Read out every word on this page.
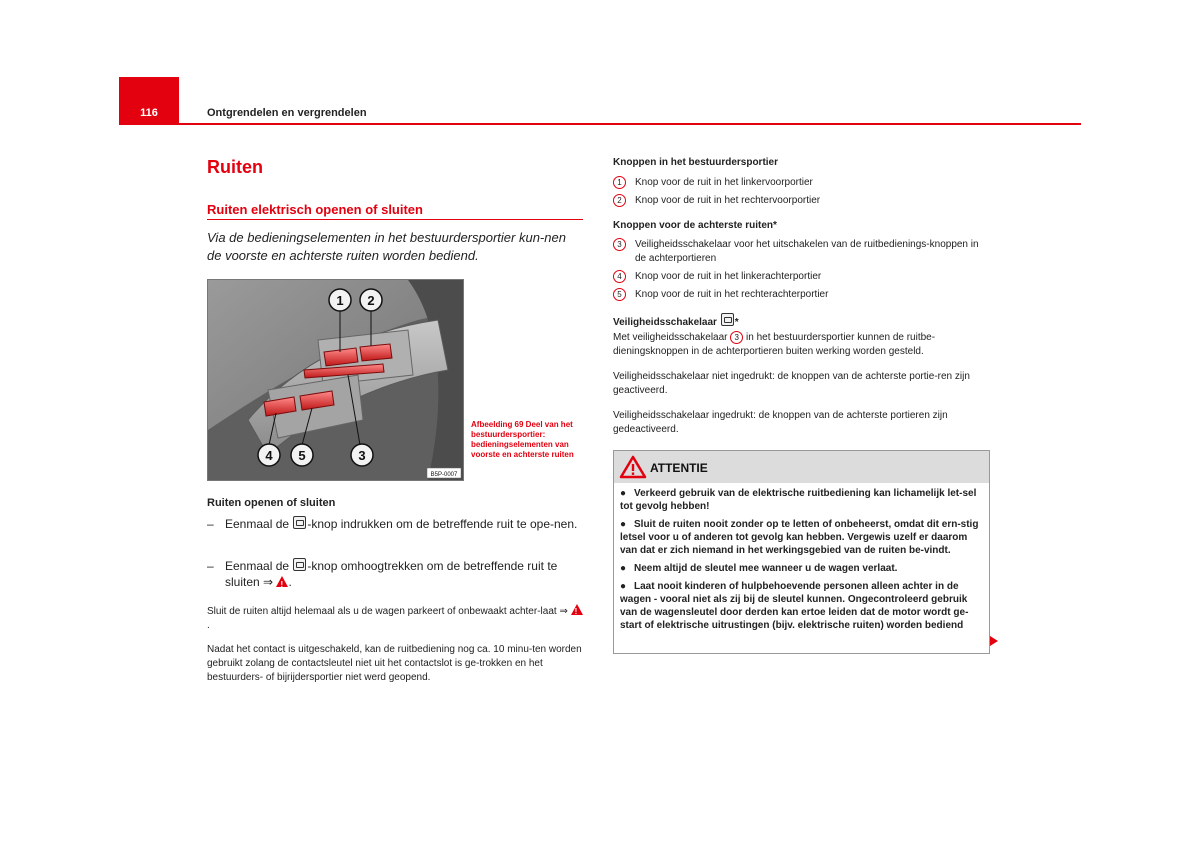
116	Ontgrendelen en vergrendelen
Ruiten
Ruiten elektrisch openen of sluiten
Via de bedieningselementen in het bestuurdersportier kun-nen de voorste en achterste ruiten worden bediend.
1 2
3
4 5
B5P-0007
Afbeelding 69 Deel van het bestuurdersportier: bedieningselementen van voorste en achterste ruiten
Ruiten openen of sluiten
– Eenmaal de -knop indrukken om de betreffende ruit te ope-nen.
– Eenmaal de -knop omhoogtrekken om de betreffende ruit te sluiten ⇒ ! .
Sluit de ruiten altijd helemaal als u de wagen parkeert of onbewaakt achter-laat ⇒ !.
Nadat het contact is uitgeschakeld, kan de ruitbediening nog ca. 10 minu-ten worden gebruikt zolang de contactsleutel niet uit het contactslot is ge-trokken en het bestuurders- of bijrijdersportier niet werd geopend.
Knoppen in het bestuurdersportier
1	Knop voor de ruit in het linkervoorportier
2	Knop voor de ruit in het rechtervoorportier
Knoppen voor de achterste ruiten*
3	Veiligheidsschakelaar voor het uitschakelen van de ruitbedienings-knoppen in de achterportieren
4	Knop voor de ruit in het linkerachterportier
5	Knop voor de ruit in het rechterachterportier
Veiligheidsschakelaar *
Met veiligheidsschakelaar 3 in het bestuurdersportier kunnen de ruitbe-dieningsknoppen in de achterportieren buiten werking worden gesteld.
Veiligheidsschakelaar niet ingedrukt: de knoppen van de achterste portie-ren zijn geactiveerd.
Veiligheidsschakelaar ingedrukt: de knoppen van de achterste portieren zijn gedeactiveerd.
ATTENTIE
● Verkeerd gebruik van de elektrische ruitbediening kan lichamelijk let-sel tot gevolg hebben!
● Sluit de ruiten nooit zonder op te letten of onbeheerst, omdat dit ern-stig letsel voor u of anderen tot gevolg kan hebben. Vergewis uzelf er daarom van dat er zich niemand in het werkingsgebied van de ruiten be-vindt.
● Neem altijd de sleutel mee wanneer u de wagen verlaat.
● Laat nooit kinderen of hulpbehoevende personen alleen achter in de wagen - vooral niet als zij bij de sleutel kunnen. Ongecontroleerd gebruik van de wagensleutel door derden kan ertoe leiden dat de motor wordt ge-start of elektrische uitrustingen (bijv. elektrische ruiten) worden bediend
